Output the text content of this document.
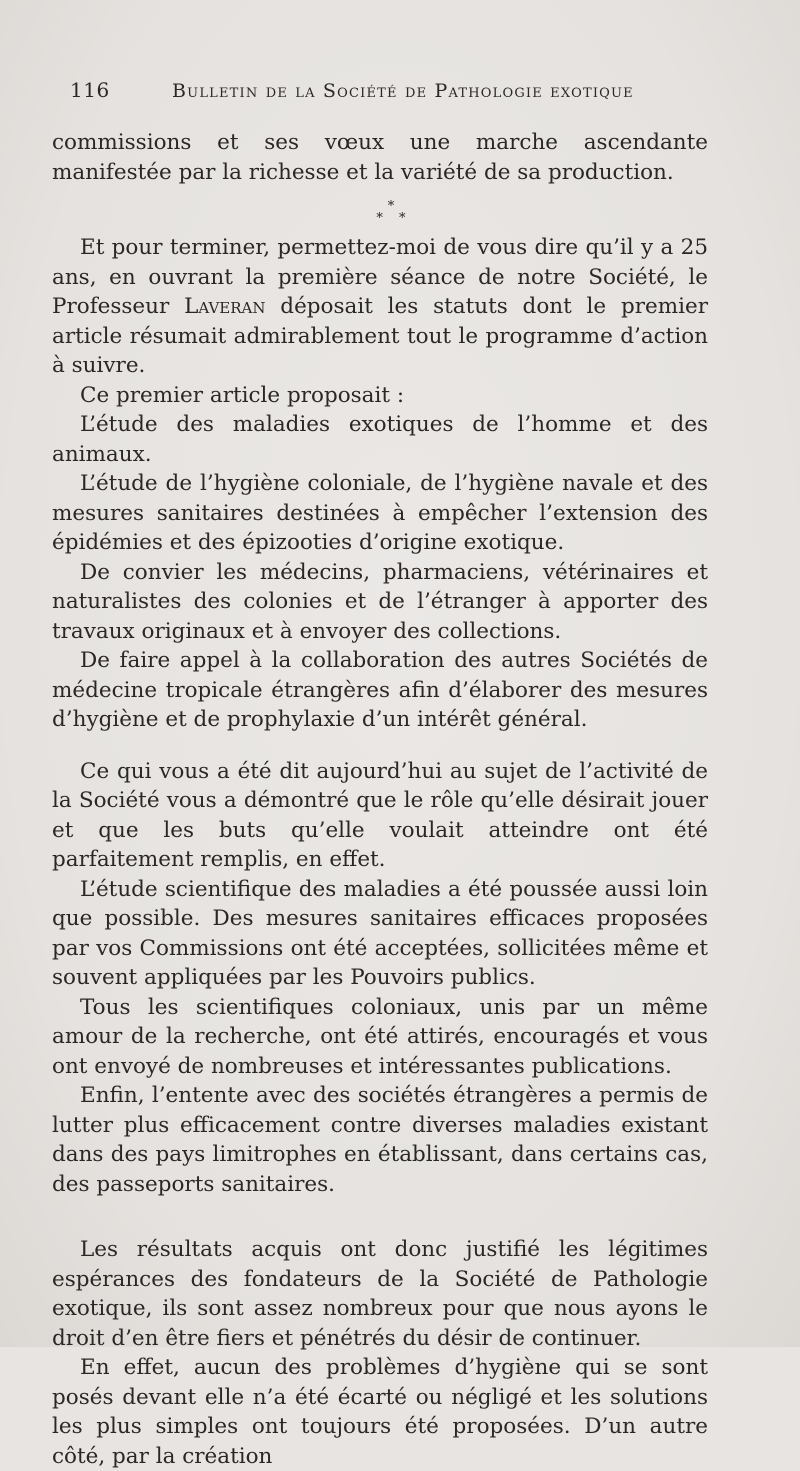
116	Bulletin de la Société de Pathologie exotique

commissions et ses vœux une marche ascendante manifestée par la richesse et la variété de sa production.

*
* *

Et pour terminer, permettez-moi de vous dire qu’il y a 25 ans, en ouvrant la première séance de notre Société, le Professeur Laveran déposait les statuts dont le premier article résumait admirablement tout le programme d’action à suivre.

Ce premier article proposait :

L’étude des maladies exotiques de l’homme et des animaux.

L’étude de l’hygiène coloniale, de l’hygiène navale et des mesures sanitaires destinées à empêcher l’extension des épidémies et des épizooties d’origine exotique.

De convier les médecins, pharmaciens, vétérinaires et naturalistes des colonies et de l’étranger à apporter des travaux originaux et à envoyer des collections.

De faire appel à la collaboration des autres Sociétés de médecine tropicale étrangères afin d’élaborer des mesures d’hygiène et de prophylaxie d’un intérêt général.

Ce qui vous a été dit aujourd’hui au sujet de l’activité de la Société vous a démontré que le rôle qu’elle désirait jouer et que les buts qu’elle voulait atteindre ont été parfaitement remplis, en effet.

L’étude scientifique des maladies a été poussée aussi loin que possible. Des mesures sanitaires efficaces proposées par vos Commissions ont été acceptées, sollicitées même et souvent appliquées par les Pouvoirs publics.

Tous les scientifiques coloniaux, unis par un même amour de la recherche, ont été attirés, encouragés et vous ont envoyé de nombreuses et intéressantes publications.

Enfin, l’entente avec des sociétés étrangères a permis de lutter plus efficacement contre diverses maladies existant dans des pays limitrophes en établissant, dans certains cas, des passeports sanitaires.

Les résultats acquis ont donc justifié les légitimes espérances des fondateurs de la Société de Pathologie exotique, ils sont assez nombreux pour que nous ayons le droit d’en être fiers et pénétrés du désir de continuer.

En effet, aucun des problèmes d’hygiène qui se sont posés devant elle n’a été écarté ou négligé et les solutions les plus simples ont toujours été proposées. D’un autre côté, par la création
